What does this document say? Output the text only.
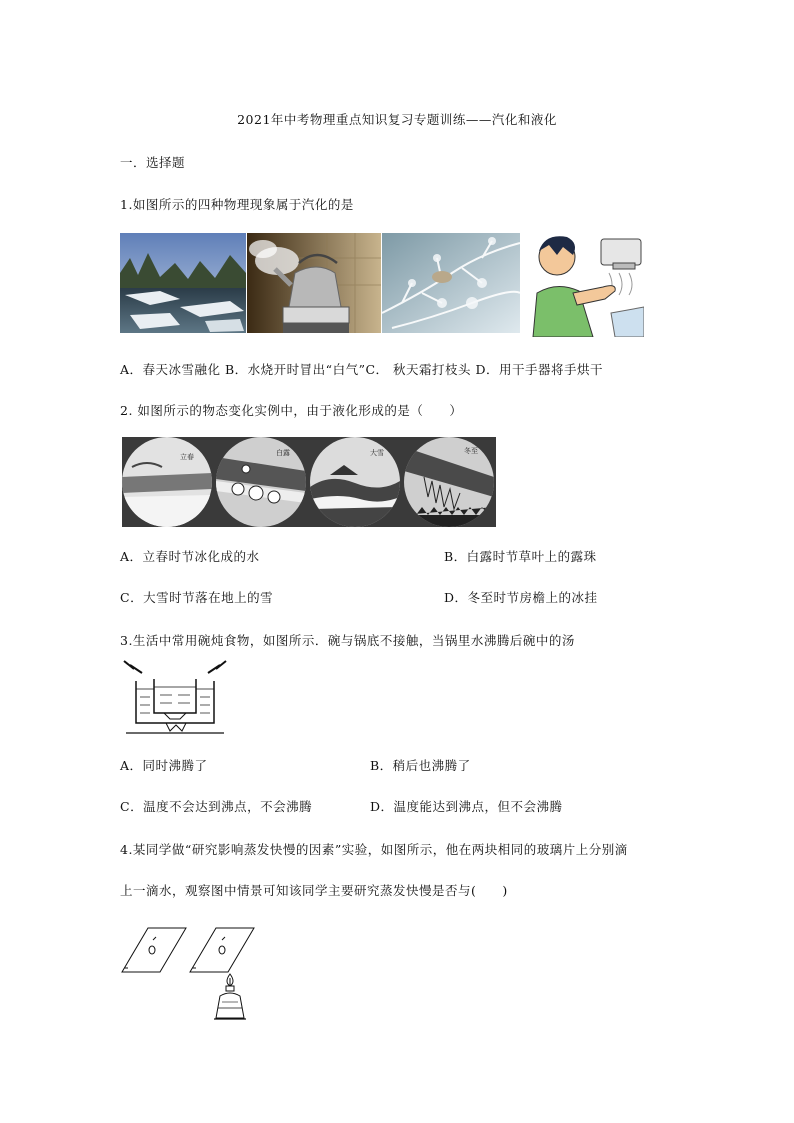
2021年中考物理重点知识复习专题训练——汽化和液化
一．选择题
1.如图所示的四种物理现象属于汽化的是
A．春天冰雪融化 B．水烧开时冒出“白气”C． 秋天霜打枝头 D．用干手器将手烘干
2. 如图所示的物态变化实例中，由于液化形成的是（　　）
立春	白露	大雪	冬至
A．立春时节冰化成的水	B．白露时节草叶上的露珠
C．大雪时节落在地上的雪	D．冬至时节房檐上的冰挂
3.生活中常用碗炖食物，如图所示．碗与锅底不接触，当锅里水沸腾后碗中的汤
A．同时沸腾了	B．稍后也沸腾了
C．温度不会达到沸点，不会沸腾	D．温度能达到沸点，但不会沸腾
4.某同学做“研究影响蒸发快慢的因素”实验，如图所示，他在两块相同的玻璃片上分别滴
上一滴水，观察图中情景可知该同学主要研究蒸发快慢是否与(　　)
